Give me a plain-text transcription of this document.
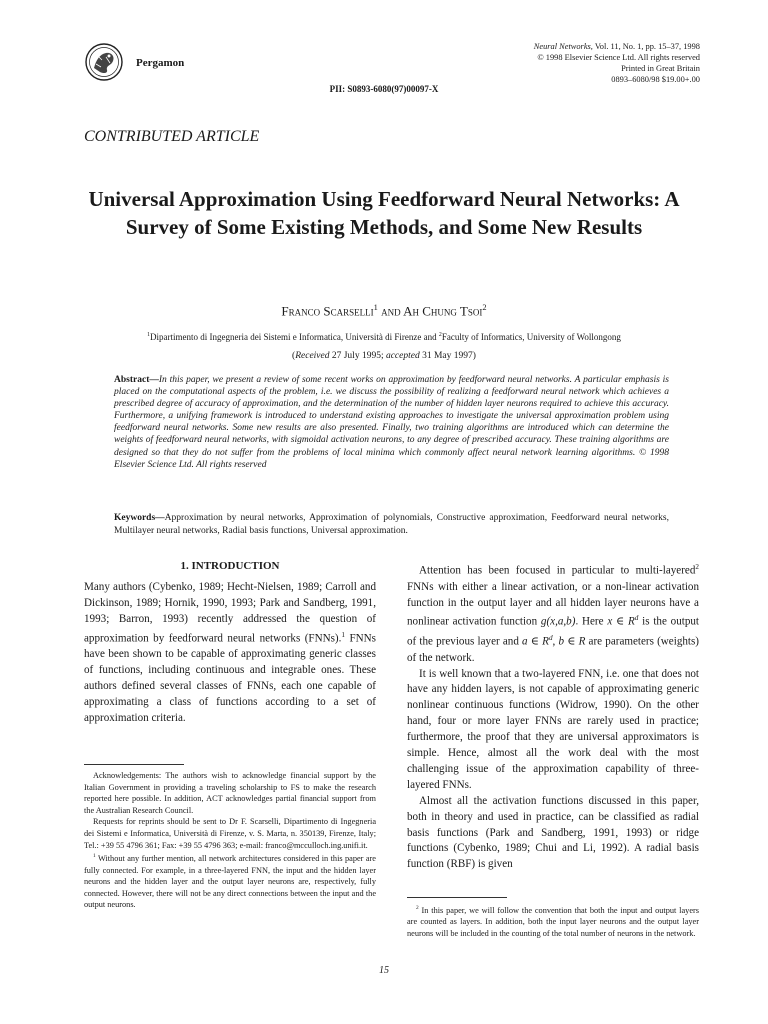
Pergamon
Neural Networks, Vol. 11, No. 1, pp. 15–37, 1998
© 1998 Elsevier Science Ltd. All rights reserved
Printed in Great Britain
0893–6080/98 $19.00+.00
PII: S0893-6080(97)00097-X
CONTRIBUTED ARTICLE
Universal Approximation Using Feedforward Neural Networks: A Survey of Some Existing Methods, and Some New Results
Franco Scarselli$^1$ and Ah Chung Tsoi$^2$
$^1$Dipartimento di Ingegneria dei Sistemi e Informatica, Università di Firenze and $^2$Faculty of Informatics, University of Wollongong
(Received 27 July 1995; accepted 31 May 1997)
Abstract—In this paper, we present a review of some recent works on approximation by feedforward neural networks. A particular emphasis is placed on the computational aspects of the problem, i.e. we discuss the possibility of realizing a feedforward neural network which achieves a prescribed degree of accuracy of approximation, and the determination of the number of hidden layer neurons required to achieve this accuracy. Furthermore, a unifying framework is introduced to understand existing approaches to investigate the universal approximation problem using feedforward neural networks. Some new results are also presented. Finally, two training algorithms are introduced which can determine the weights of feedforward neural networks, with sigmoidal activation neurons, to any degree of prescribed accuracy. These training algorithms are designed so that they do not suffer from the problems of local minima which commonly affect neural network learning algorithms. © 1998 Elsevier Science Ltd. All rights reserved
Keywords—Approximation by neural networks, Approximation of polynomials, Constructive approximation, Feedforward neural networks, Multilayer neural networks, Radial basis functions, Universal approximation.
1. INTRODUCTION

Many authors (Cybenko, 1989; Hecht-Nielsen, 1989; Carroll and Dickinson, 1989; Hornik, 1990, 1993; Park and Sandberg, 1991, 1993; Barron, 1993) recently addressed the question of approximation by feedforward neural networks (FNNs).$^1$ FNNs have been shown to be capable of approximating generic classes of functions, including continuous and integrable ones. These authors defined several classes of FNNs, each one capable of approximating a class of functions according to a set of approximation criteria.

Acknowledgements: The authors wish to acknowledge financial support by the Italian Government in providing a traveling scholarship to FS to make the research reported here possible. In addition, ACT acknowledges partial financial support from the Australian Research Council.

Requests for reprints should be sent to Dr F. Scarselli, Dipartimento di Ingegneria dei Sistemi e Informatica, Università di Firenze, v. S. Marta, n. 350139, Firenze, Italy; Tel.: +39 55 4796 361; Fax: +39 55 4796 363; e-mail: franco@mcculloch.ing.unifi.it.

$^1$ Without any further mention, all network architectures considered in this paper are fully connected. For example, in a three-layered FNN, the input and the hidden layer neurons and the hidden layer and the output layer neurons are, respectively, fully connected. However, there will not be any direct connections between the input and the output neurons.

Attention has been focused in particular to multi-layered$^2$ FNNs with either a linear activation, or a non-linear activation function in the output layer and all hidden layer neurons have a nonlinear activation function g(x,a,b). Here x ∈ $R^d$ is the output of the previous layer and a ∈ $R^d$, b ∈ R are parameters (weights) of the network.

It is well known that a two-layered FNN, i.e. one that does not have any hidden layers, is not capable of approximating generic nonlinear continuous functions (Widrow, 1990). On the other hand, four or more layer FNNs are rarely used in practice; furthermore, the proof that they are universal approximators is simple. Hence, almost all the work deal with the most challenging issue of the approximation capability of three-layered FNNs.

Almost all the activation functions discussed in this paper, both in theory and used in practice, can be classified as radial basis functions (Park and Sandberg, 1991, 1993) or ridge functions (Cybenko, 1989; Chui and Li, 1992). A radial basis function (RBF) is given

$^2$ In this paper, we will follow the convention that both the input and output layers are counted as layers. In addition, both the input layer neurons and the output layer neurons will be included in the counting of the total number of neurons in the network.

15
